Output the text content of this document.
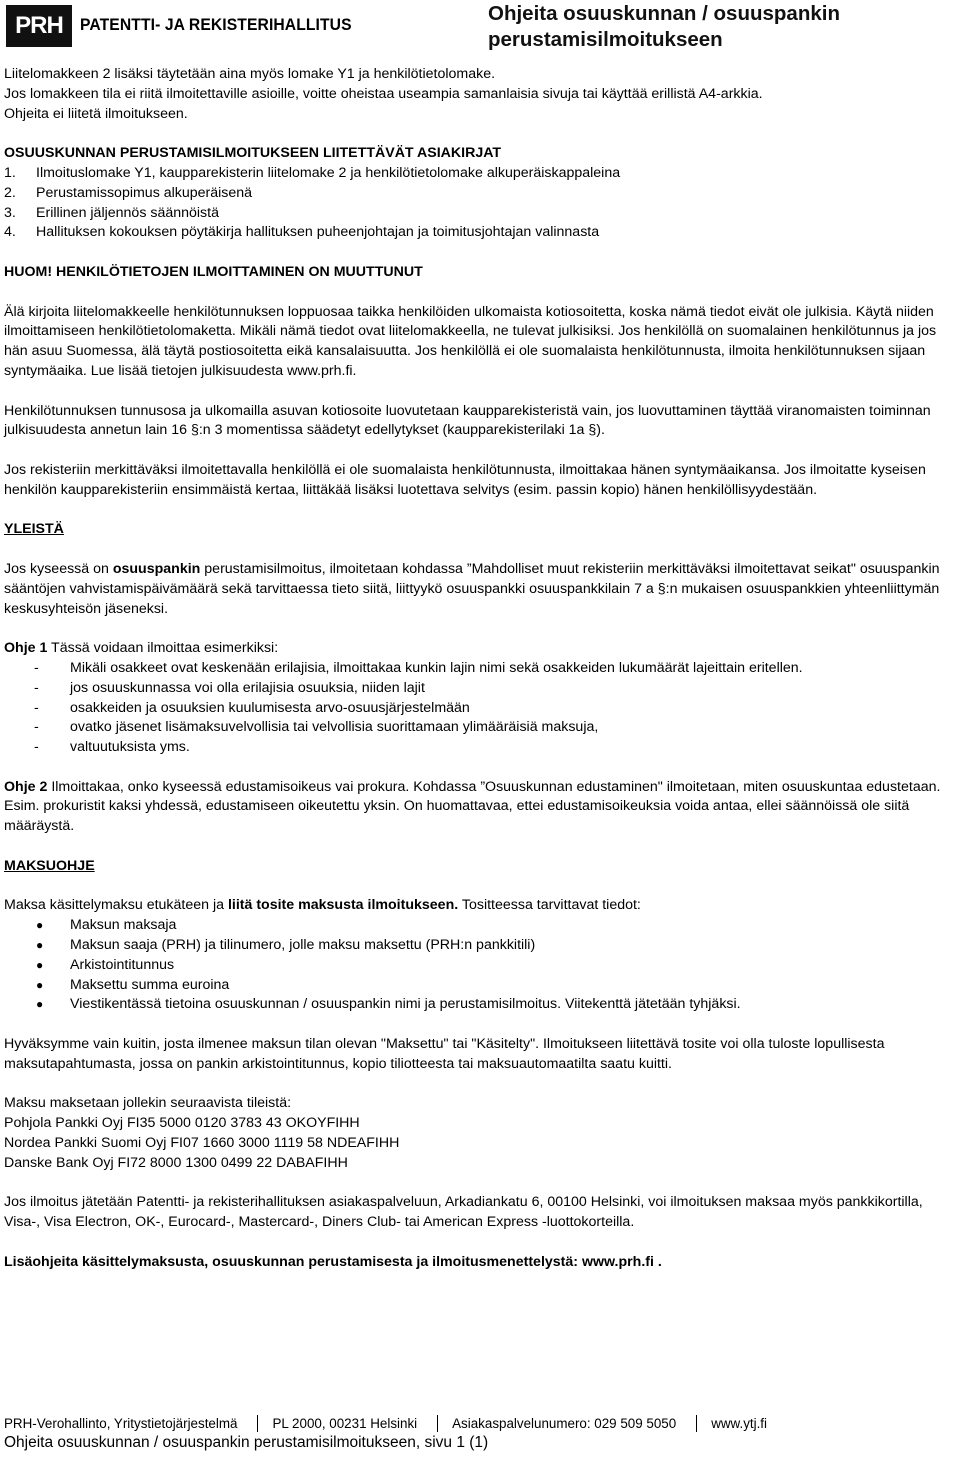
PRH	PATENTTI- JA REKISTERIHALLITUS
Ohjeita osuuskunnan / osuuspankin
perustamisilmoitukseen

Liitelomakkeen 2 lisäksi täytetään aina myös lomake Y1 ja henkilötietolomake.

Jos lomakkeen tila ei riitä ilmoitettaville asioille, voitte oheistaa useampia samanlaisia sivuja tai käyttää erillistä A4-arkkia.

Ohjeita ei liitetä ilmoitukseen.

OSUUSKUNNAN PERUSTAMISILMOITUKSEEN LIITETTÄVÄT ASIAKIRJAT

1.	Ilmoituslomake Y1, kaupparekisterin liitelomake 2 ja henkilötietolomake alkuperäiskappaleina
2.	Perustamissopimus alkuperäisenä
3.	Erillinen jäljennös säännöistä
4.	Hallituksen kokouksen pöytäkirja hallituksen puheenjohtajan ja toimitusjohtajan valinnasta

HUOM! HENKILÖTIETOJEN ILMOITTAMINEN ON MUUTTUNUT

Älä kirjoita liitelomakkeelle henkilötunnuksen loppuosaa taikka henkilöiden ulkomaista kotiosoitetta, koska nämä tiedot eivät ole julkisia. Käytä niiden ilmoittamiseen henkilötietolomaketta. Mikäli nämä tiedot ovat liitelomakkeella, ne tulevat julkisiksi. Jos henkilöllä on suomalainen henkilötunnus ja jos hän asuu Suomessa, älä täytä postiosoitetta eikä kansalaisuutta. Jos henkilöllä ei ole suomalaista henkilötunnusta, ilmoita henkilötunnuksen sijaan syntymäaika. Lue lisää tietojen julkisuudesta www.prh.fi.

Henkilötunnuksen tunnusosa ja ulkomailla asuvan kotiosoite luovutetaan kaupparekisteristä vain, jos luovuttaminen täyttää viranomaisten toiminnan julkisuudesta annetun lain 16 §:n 3 momentissa säädetyt edellytykset (kaupparekisterilaki 1a §).

Jos rekisteriin merkittäväksi ilmoitettavalla henkilöllä ei ole suomalaista henkilötunnusta, ilmoittakaa hänen syntymäaikansa. Jos ilmoitatte kyseisen henkilön kaupparekisteriin ensimmäistä kertaa, liittäkää lisäksi luotettava selvitys (esim. passin kopio) hänen henkilöllisyydestään.

YLEISTÄ

Jos kyseessä on osuuspankin perustamisilmoitus, ilmoitetaan kohdassa ”Mahdolliset muut rekisteriin merkittäväksi ilmoitettavat seikat" osuuspankin sääntöjen vahvistamispäivämäärä sekä tarvittaessa tieto siitä, liittyykö osuuspankki osuuspankkilain 7 a §:n mukaisen osuuspankkien yhteenliittymän keskusyhteisön jäseneksi.

Ohje 1 Tässä voidaan ilmoittaa esimerkiksi:

-	Mikäli osakkeet ovat keskenään erilajisia, ilmoittakaa kunkin lajin nimi sekä osakkeiden lukumäärät lajeittain eritellen.
-	jos osuuskunnassa voi olla erilajisia osuuksia, niiden lajit
-	osakkeiden ja osuuksien kuulumisesta arvo-osuusjärjestelmään
-	ovatko jäsenet lisämaksuvelvollisia tai velvollisia suorittamaan ylimääräisiä maksuja,
-	valtuutuksista yms.

Ohje 2 Ilmoittakaa, onko kyseessä edustamisoikeus vai prokura. Kohdassa ”Osuuskunnan edustaminen" ilmoitetaan, miten osuuskuntaa edustetaan. Esim. prokuristit kaksi yhdessä, edustamiseen oikeutettu yksin. On huomattavaa, ettei edustamisoikeuksia voida antaa, ellei säännöissä ole siitä määräystä.

MAKSUOHJE

Maksa käsittelymaksu etukäteen ja liitä tosite maksusta ilmoitukseen. Tositteessa tarvittavat tiedot:

●	Maksun maksaja
●	Maksun saaja (PRH) ja tilinumero, jolle maksu maksettu (PRH:n pankkitili)
●	Arkistointitunnus
●	Maksettu summa euroina
●	Viestikentässä tietoina osuuskunnan / osuuspankin nimi ja perustamisilmoitus. Viitekenttä jätetään tyhjäksi.

Hyväksymme vain kuitin, josta ilmenee maksun tilan olevan "Maksettu" tai "Käsitelty". Ilmoitukseen liitettävä tosite voi olla tuloste lopullisesta maksutapahtumasta, jossa on pankin arkistointitunnus, kopio tiliotteesta tai maksuautomaatilta saatu kuitti.

Maksu maksetaan jollekin seuraavista tileistä:

Pohjola Pankki Oyj FI35 5000 0120 3783 43 OKOYFIHH

Nordea Pankki Suomi Oyj FI07 1660 3000 1119 58 NDEAFIHH

Danske Bank Oyj FI72 8000 1300 0499 22 DABAFIHH

Jos ilmoitus jätetään Patentti- ja rekisterihallituksen asiakaspalveluun, Arkadiankatu 6, 00100 Helsinki, voi ilmoituksen maksaa myös pankkikortilla, Visa-, Visa Electron, OK-, Eurocard-, Mastercard-, Diners Club- tai American Express -luottokorteilla.

Lisäohjeita käsittelymaksusta, osuuskunnan perustamisesta ja ilmoitusmenettelystä: www.prh.fi .

PRH-Verohallinto, Yritystietojärjestelmä	PL 2000, 00231 Helsinki	Asiakaspalvelunumero: 029 509 5050	www.ytj.fi
Ohjeita osuuskunnan / osuuspankin perustamisilmoitukseen, sivu 1 (1)
